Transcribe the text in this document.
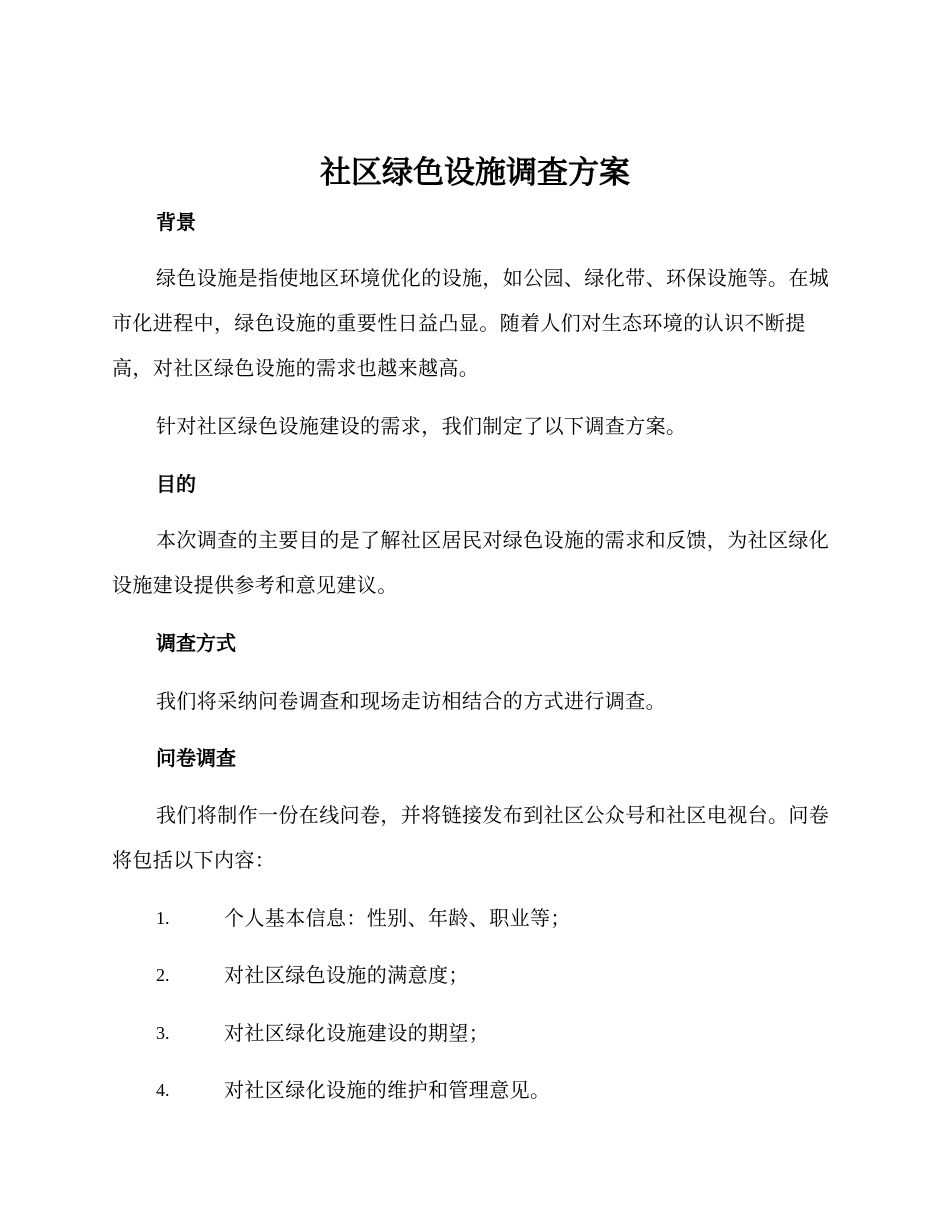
社区绿色设施调查方案
背景

绿色设施是指使地区环境优化的设施，如公园、绿化带、环保设施等。在城市化进程中，绿色设施的重要性日益凸显。随着人们对生态环境的认识不断提高，对社区绿色设施的需求也越来越高。

针对社区绿色设施建设的需求，我们制定了以下调查方案。

目的

本次调查的主要目的是了解社区居民对绿色设施的需求和反馈，为社区绿化设施建设提供参考和意见建议。

调查方式

我们将采纳问卷调查和现场走访相结合的方式进行调查。

问卷调查

我们将制作一份在线问卷，并将链接发布到社区公众号和社区电视台。问卷将包括以下内容：

1.	个人基本信息：性别、年龄、职业等；
2.	对社区绿色设施的满意度；
3.	对社区绿化设施建设的期望；
4.	对社区绿化设施的维护和管理意见。
